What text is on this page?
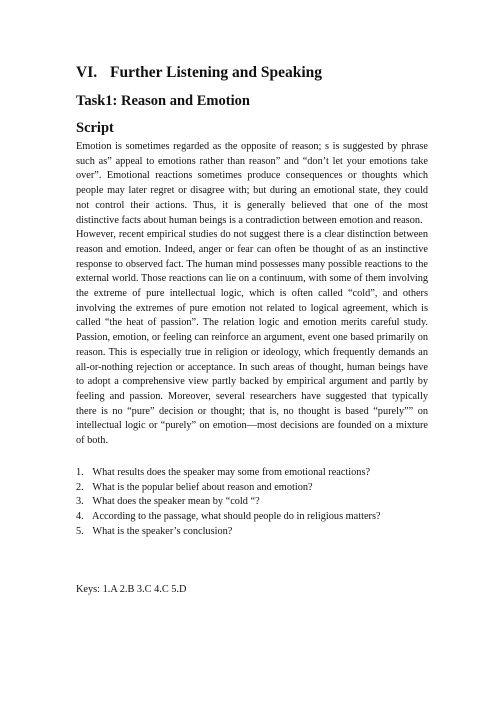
VI. Further Listening and Speaking
Task1: Reason and Emotion
Script

Emotion is sometimes regarded as the opposite of reason; s is suggested by phrase such as” appeal to emotions rather than reason” and “don’t let your emotions take over”. Emotional reactions sometimes produce consequences or thoughts which people may later regret or disagree with; but during an emotional state, they could not control their actions. Thus, it is generally believed that one of the most distinctive facts about human beings is a contradiction between emotion and reason.

However, recent empirical studies do not suggest there is a clear distinction between reason and emotion. Indeed, anger or fear can often be thought of as an instinctive response to observed fact. The human mind possesses many possible reactions to the external world. Those reactions can lie on a continuum, with some of them involving the extreme of pure intellectual logic, which is often called “cold”, and others involving the extremes of pure emotion not related to logical agreement, which is called “the heat of passion”. The relation logic and emotion merits careful study. Passion, emotion, or feeling can reinforce an argument, event one based primarily on reason. This is especially true in religion or ideology, which frequently demands an all-or-nothing rejection or acceptance. In such areas of thought, human beings have to adopt a comprehensive view partly backed by empirical argument and partly by feeling and passion. Moreover, several researchers have suggested that typically there is no “pure” decision or thought; that is, no thought is based “purely”” on intellectual logic or “purely” on emotion—most decisions are founded on a mixture of both.

1. What results does the speaker may some from emotional reactions?
2. What is the popular belief about reason and emotion?
3. What does the speaker mean by “cold “?
4. According to the passage, what should people do in religious matters?
5. What is the speaker’s conclusion?
Keys: 1.A 2.B 3.C 4.C 5.D
